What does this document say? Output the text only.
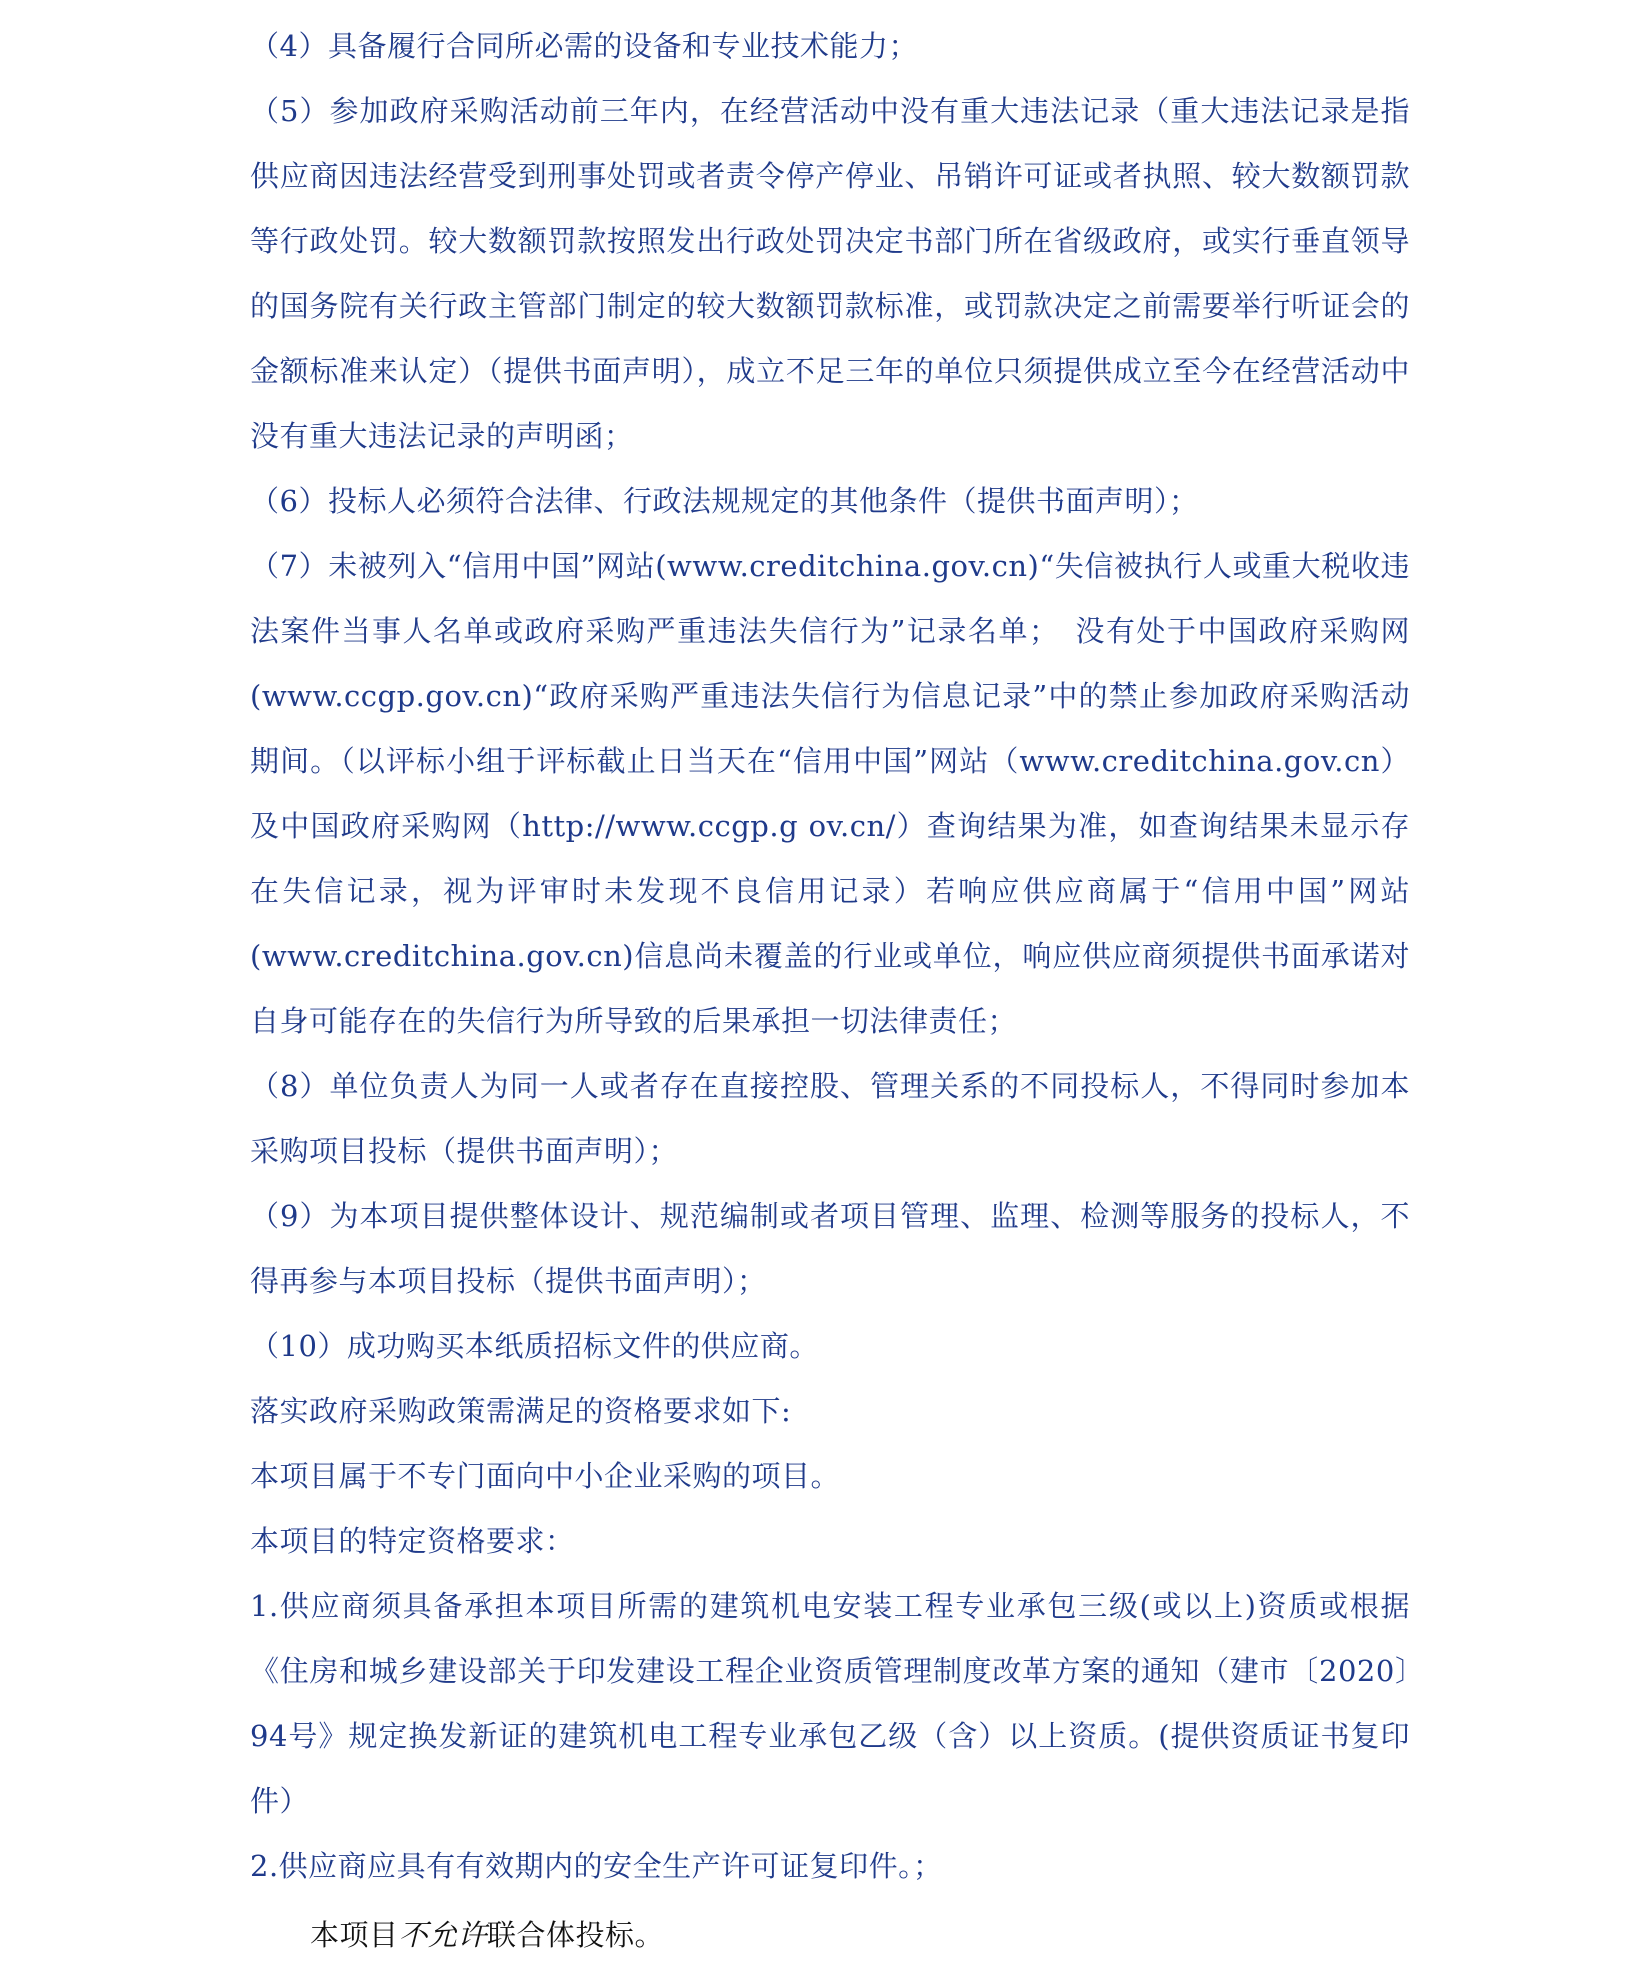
（4）具备履行合同所必需的设备和专业技术能力；

（5）参加政府采购活动前三年内，在经营活动中没有重大违法记录（重大违法记录是指供应商因违法经营受到刑事处罚或者责令停产停业、吊销许可证或者执照、较大数额罚款等行政处罚。较大数额罚款按照发出行政处罚决定书部门所在省级政府，或实行垂直领导的国务院有关行政主管部门制定的较大数额罚款标准，或罚款决定之前需要举行听证会的金额标准来认定）（提供书面声明），成立不足三年的单位只须提供成立至今在经营活动中没有重大违法记录的声明函；

（6）投标人必须符合法律、行政法规规定的其他条件（提供书面声明）；

（7）未被列入“信用中国”网站(www.creditchina.gov.cn)“失信被执行人或重大税收违法案件当事人名单或政府采购严重违法失信行为”记录名单；　没有处于中国政府采购网(www.ccgp.gov.cn)“政府采购严重违法失信行为信息记录”中的禁止参加政府采购活动期间。（以评标小组于评标截止日当天在“信用中国”网站（www.creditchina.gov.cn）及中国政府采购网（http://www.ccgp.g ov.cn/）查询结果为准，如查询结果未显示存在失信记录，视为评审时未发现不良信用记录）若响应供应商属于“信用中国”网站(www.creditchina.gov.cn)信息尚未覆盖的行业或单位，响应供应商须提供书面承诺对自身可能存在的失信行为所导致的后果承担一切法律责任；

（8）单位负责人为同一人或者存在直接控股、管理关系的不同投标人，不得同时参加本采购项目投标（提供书面声明）；

（9）为本项目提供整体设计、规范编制或者项目管理、监理、检测等服务的投标人，不得再参与本项目投标（提供书面声明）；

（10）成功购买本纸质招标文件的供应商。

落实政府采购政策需满足的资格要求如下:

本项目属于不专门面向中小企业采购的项目。

本项目的特定资格要求：

1.供应商须具备承担本项目所需的建筑机电安装工程专业承包三级(或以上)资质或根据《住房和城乡建设部关于印发建设工程企业资质管理制度改革方案的通知（建市〔2020〕94号》规定换发新证的建筑机电工程专业承包乙级（含）以上资质。(提供资质证书复印件）

2.供应商应具有有效期内的安全生产许可证复印件。；

本项目不允许联合体投标。
